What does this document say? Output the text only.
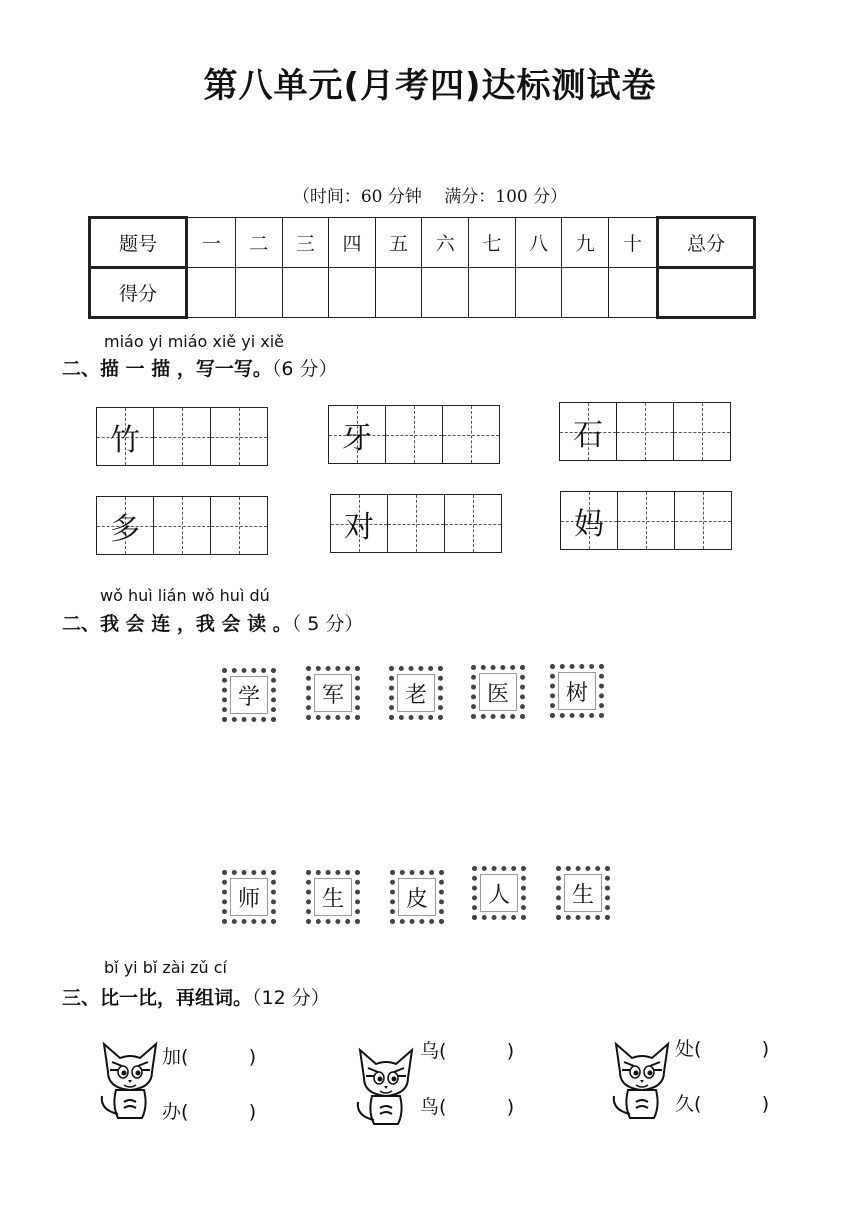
第八单元(月考四)达标测试卷
（时间：60 分钟　 满分：100 分）
题号	一	二	三	四	五	六	七	八	九	十	总分
得分											
miáo yi miáo xiě yi xiě
二、描 一 描 ，写一写。（6 分）
竹	牙	石
多	对	妈
wǒ huì lián wǒ huì dú
二、我 会 连 ，我 会 读 。（ 5 分）
学	军	老	医	树
师	生	皮	人	生
bǐ yi bǐ zài zǔ cí
三、比一比，再组词。（12 分）
加(          )
办(          )
乌(          )
鸟(          )
处(          )
久(          )
